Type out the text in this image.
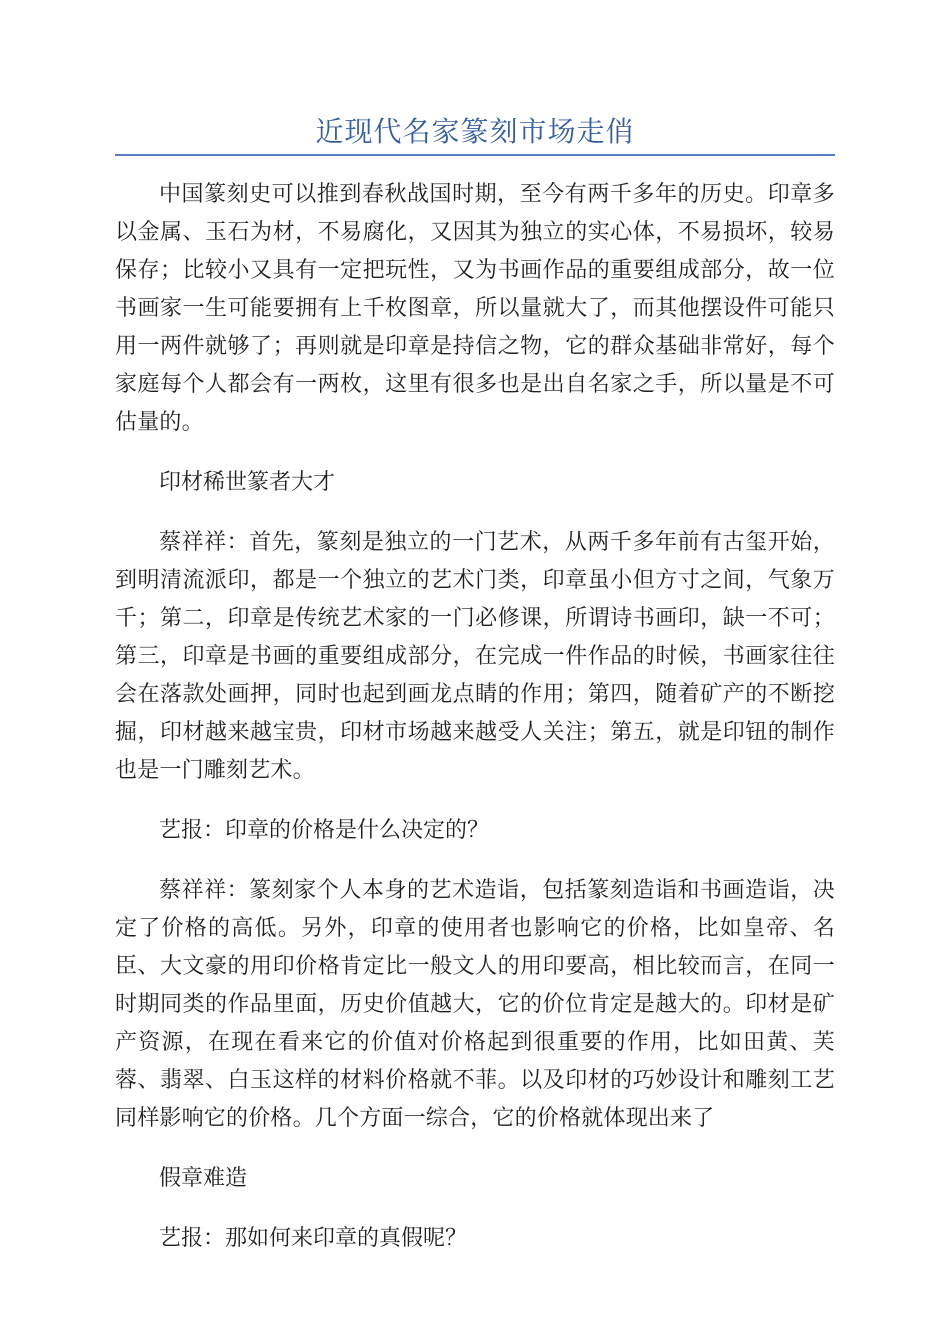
近现代名家篆刻市场走俏

中国篆刻史可以推到春秋战国时期，至今有两千多年的历史。印章多以金属、玉石为材，不易腐化，又因其为独立的实心体，不易损坏，较易保存；比较小又具有一定把玩性，又为书画作品的重要组成部分，故一位书画家一生可能要拥有上千枚图章，所以量就大了，而其他摆设件可能只用一两件就够了；再则就是印章是持信之物，它的群众基础非常好，每个家庭每个人都会有一两枚，这里有很多也是出自名家之手，所以量是不可估量的。

印材稀世篆者大才

蔡祥祥：首先，篆刻是独立的一门艺术，从两千多年前有古玺开始，到明清流派印，都是一个独立的艺术门类，印章虽小但方寸之间，气象万千；第二，印章是传统艺术家的一门必修课，所谓诗书画印，缺一不可；第三，印章是书画的重要组成部分，在完成一件作品的时候，书画家往往会在落款处画押，同时也起到画龙点睛的作用；第四，随着矿产的不断挖掘，印材越来越宝贵，印材市场越来越受人关注；第五，就是印钮的制作也是一门雕刻艺术。

艺报：印章的价格是什么决定的？

蔡祥祥：篆刻家个人本身的艺术造诣，包括篆刻造诣和书画造诣，决定了价格的高低。另外，印章的使用者也影响它的价格，比如皇帝、名臣、大文豪的用印价格肯定比一般文人的用印要高，相比较而言，在同一时期同类的作品里面，历史价值越大，它的价位肯定是越大的。印材是矿产资源，在现在看来它的价值对价格起到很重要的作用，比如田黄、芙蓉、翡翠、白玉这样的材料价格就不菲。以及印材的巧妙设计和雕刻工艺同样影响它的价格。几个方面一综合，它的价格就体现出来了

假章难造

艺报：那如何来印章的真假呢？
